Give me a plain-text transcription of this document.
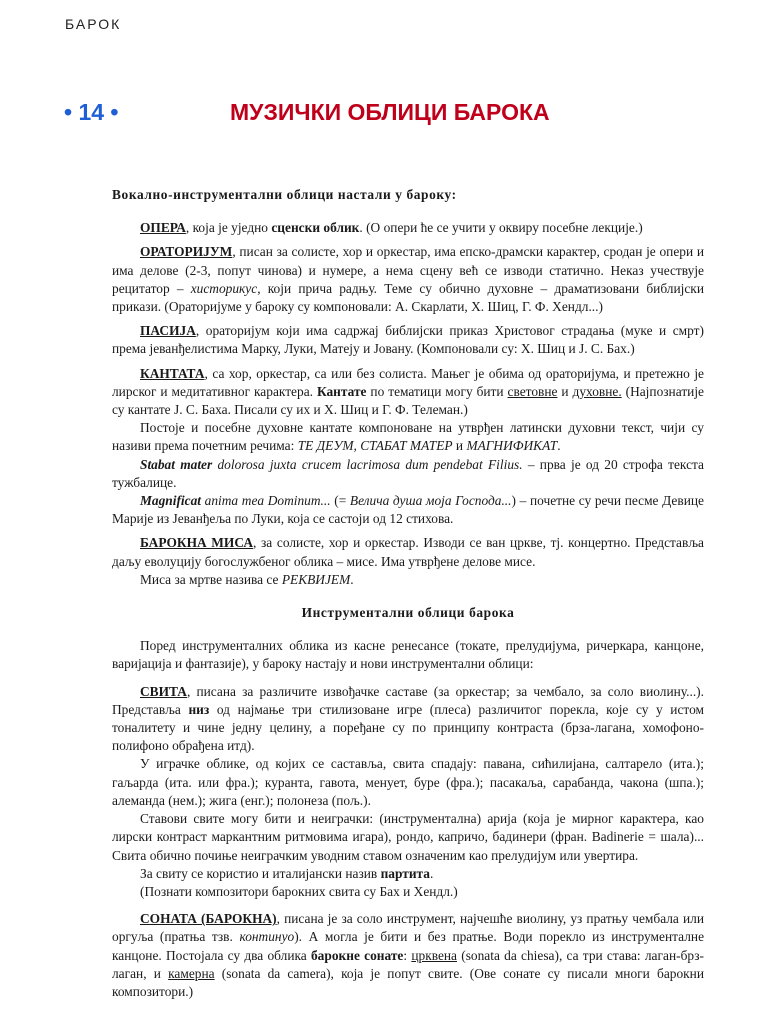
БАРОК
• 14 •	МУЗИЧКИ ОБЛИЦИ БАРОКА

Вокално-инструментални облици настали у бароку:

ОПЕРА, која је уједно сценски облик. (О опери ће се учити у оквиру посебне лекције.)

ОРАТОРИЈУМ, писан за солисте, хор и оркестар, има епско-драмски карактер, сродан је опери и има делове (2-3, попут чинова) и нумере, а нема сцену већ се изводи статично. Неказ учествује рецитатор – хисторикус, који прича радњу. Теме су обично духовне – драматизовани библијски прикази. (Ораторијуме у бароку су компоновали: А. Скарлати, Х. Шиц, Г. Ф. Хендл...)

ПАСИЈА, ораторијум који има садржај библијски приказ Христовог страдања (муке и смрт) према јеванђелистима Марку, Луки, Матеју и Јовану. (Компоновали су: Х. Шиц и Ј. С. Бах.)

КАНТАТА, са хор, оркестар, са или без солиста. Мањег је обима од ораторијума, и претежно је лирског и медитативног карактера. Кантате по тематици могу бити световне и духовне. (Најпознатије су кантате Ј. С. Баха. Писали су их и Х. Шиц и Г. Ф. Телеман.)

Постоје и посебне духовне кантате компоноване на утврђен латински духовни текст, чији су називи према почетним речима: ТЕ ДЕУМ, СТАБАТ МАТЕР и МАГНИФИКАТ.

Stabat mater dolorosa juxta crucem lacrimosa dum pendebat Filius. – прва је од 20 строфа текста тужбалице.

Magnificat anima mea Dominum... (= Велича душа моја Господа...) – почетне су речи песме Девице Марије из Јеванђеља по Луки, која се састоји од 12 стихова.

БАРОКНА МИСА, за солисте, хор и оркестар. Изводи се ван цркве, тј. концертно. Представља даљу еволуцију богослужбеног облика – мисе. Има утврђене делове мисе.

Миса за мртве назива се РЕКВИЈЕМ.

Инструментални облици барока

Поред инструменталних облика из касне ренесансе (токате, прелудијума, ричеркара, канцоне, варијација и фантазије), у бароку настају и нови инструментални облици:

СВИТА, писана за различите извођачке саставе (за оркестар; за чембало, за соло виолину...). Представља низ од најмање три стилизоване игре (плеса) различитог порекла, које су у истом тоналитету и чине једну целину, а поређане су по принципу контраста (брза-лагана, хомофоно-полифоно обрађена итд).

У играчке облике, од којих се саставља, свита спадају: павана, сићилијана, салтарело (ита.); гаљарда (ита. или фра.); куранта, гавота, менует, буре (фра.); пасакаља, сарабанда, чакона (шпа.); алеманда (нем.); жига (енг.); полонеза (пољ.).

Ставови свите могу бити и неиграчки: (инструментална) арија (која је мирног карактера, као лирски контраст маркантним ритмовима игара), рондо, капричо, бадинери (фран. Badinerie = шала)... Свита обично почиње неиграчким уводним ставом означеним као прелудијум или увертира.

За свиту се користио и италијански назив партита.

(Познати композитори барокних свита су Бах и Хендл.)

СОНАТА (БАРОКНА), писана је за соло инструмент, најчешће виолину, уз пратњу чембала или оргуља (пратња тзв. континуо). А могла је бити и без пратње. Води порекло из инструменталне канцоне. Постојала су два облика барокне сонате: црквена (sonata da chiesa), са три става: лаган-брз-лаган, и камерна (sonata da camera), која је попут свите. (Ове сонате су писали многи барокни композитори.)
